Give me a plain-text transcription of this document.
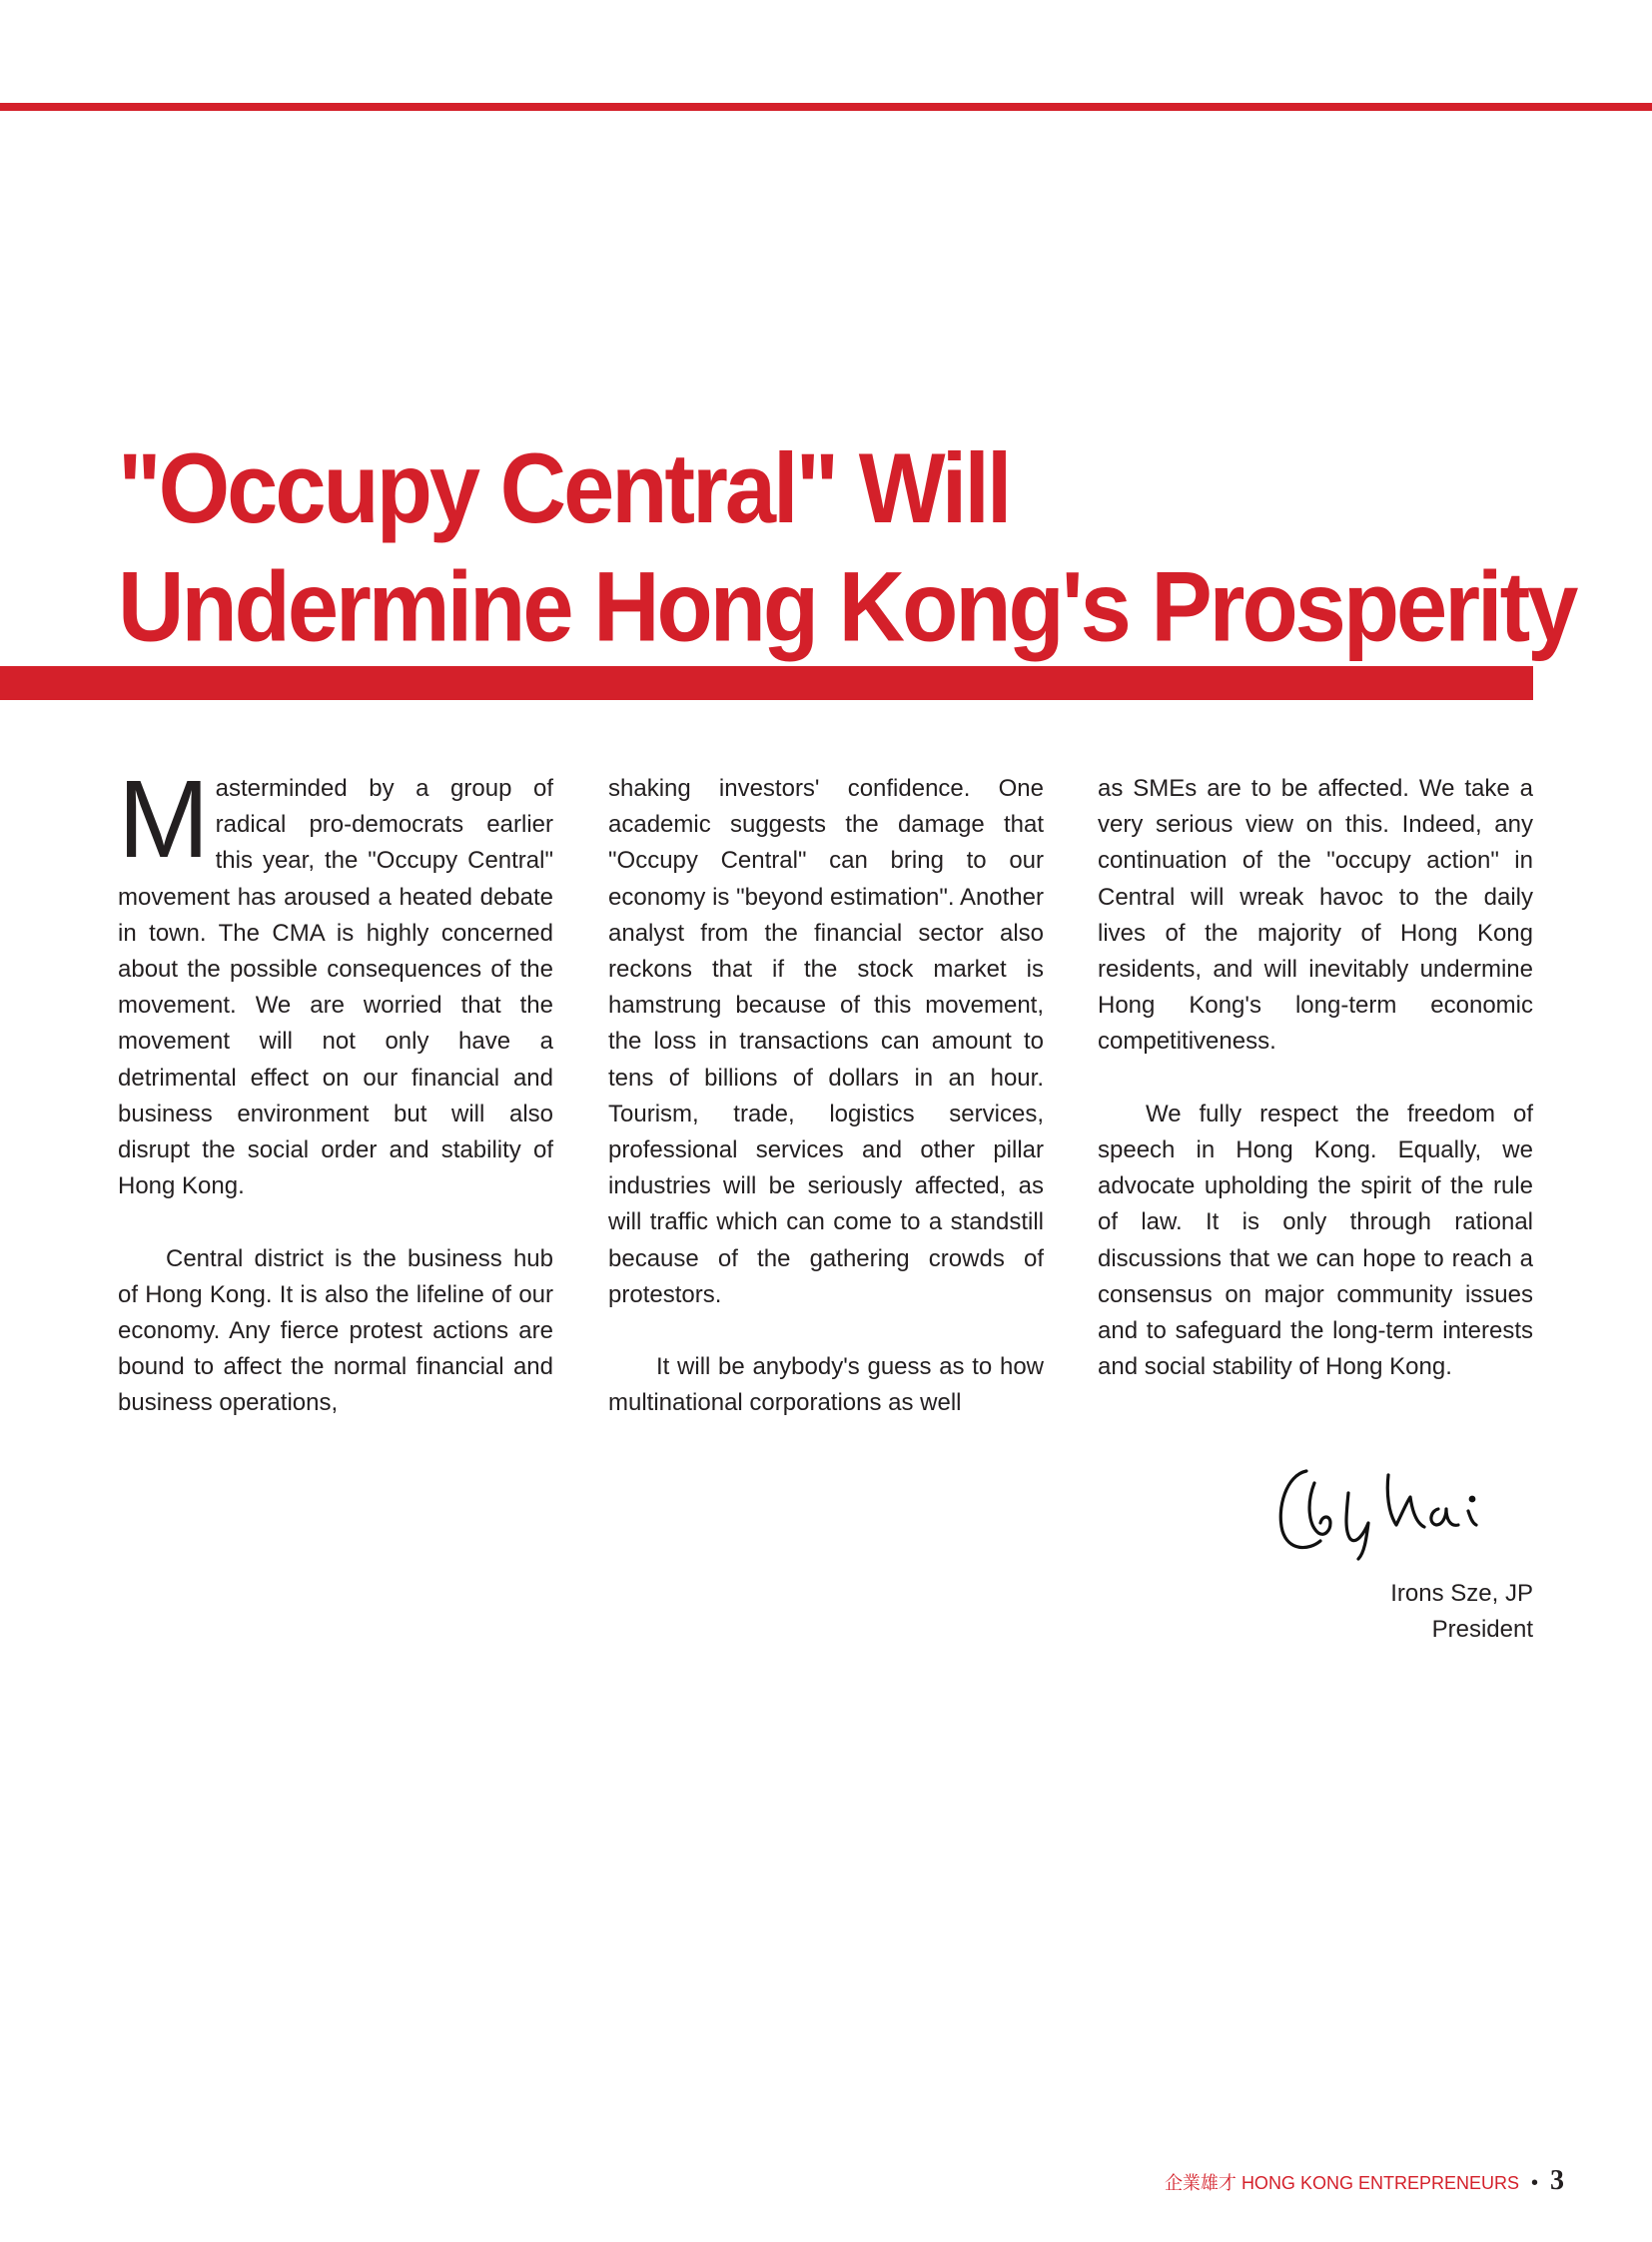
"Occupy Central" Will
Undermine Hong Kong's Prosperity

Masterminded by a group of radical pro-democrats earlier this year, the "Occupy Central" movement has aroused a heated debate in town. The CMA is highly concerned about the possible consequences of the movement. We are worried that the movement will not only have a detrimental effect on our financial and business environment but will also disrupt the social order and stability of Hong Kong.

Central district is the business hub of Hong Kong. It is also the lifeline of our economy. Any fierce protest actions are bound to affect the normal financial and business operations,

shaking investors' confidence. One academic suggests the damage that "Occupy Central" can bring to our economy is "beyond estimation". Another analyst from the financial sector also reckons that if the stock market is hamstrung because of this movement, the loss in transactions can amount to tens of billions of dollars in an hour. Tourism, trade, logistics services, professional services and other pillar industries will be seriously affected, as will traffic which can come to a standstill because of the gathering crowds of protestors.

It will be anybody's guess as to how multinational corporations as well

as SMEs are to be affected. We take a very serious view on this. Indeed, any continuation of the "occupy action" in Central will wreak havoc to the daily lives of the majority of Hong Kong residents, and will inevitably undermine Hong Kong's long-term economic competitiveness.

We fully respect the freedom of speech in Hong Kong. Equally, we advocate upholding the spirit of the rule of law. It is only through rational discussions that we can hope to reach a consensus on major community issues and to safeguard the long-term interests and social stability of Hong Kong.

Irons Sze, JP
President
企業雄才 HONG KONG ENTREPRENEURS • 3
